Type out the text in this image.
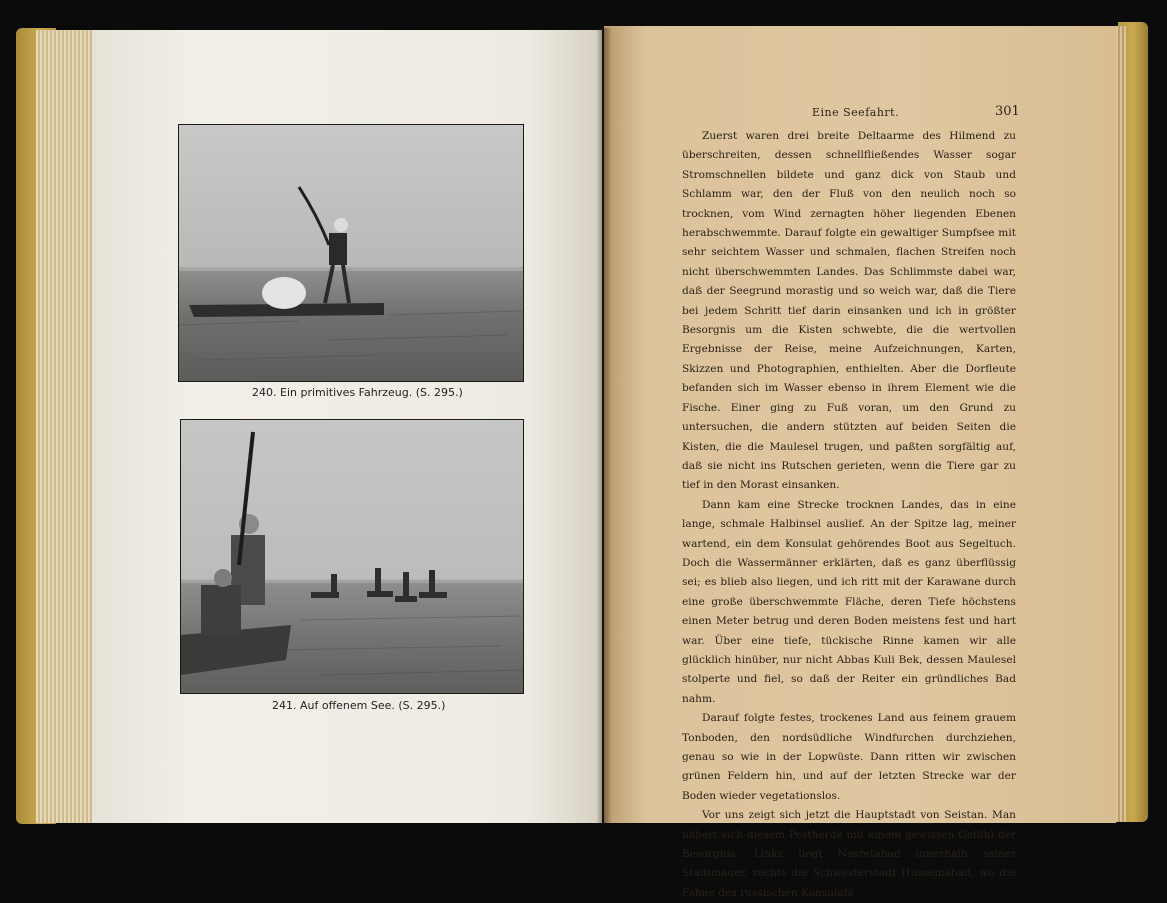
240. Ein primitives Fahrzeug. (S. 295.)
241. Auf offenem See. (S. 295.)
Eine Seefahrt.	301

Zuerst waren drei breite Deltaarme des Hilmend zu überschreiten, dessen schnellfließendes Wasser sogar Stromschnellen bildete und ganz dick von Staub und Schlamm war, den der Fluß von den neulich noch so trocknen, vom Wind zernagten höher liegenden Ebenen herabschwemmte. Darauf folgte ein gewaltiger Sumpfsee mit sehr seichtem Wasser und schmalen, flachen Streifen noch nicht überschwemmten Landes. Das Schlimmste dabei war, daß der Seegrund morastig und so weich war, daß die Tiere bei jedem Schritt tief darin einsanken und ich in größter Besorgnis um die Kisten schwebte, die die wertvollen Ergebnisse der Reise, meine Aufzeichnungen, Karten, Skizzen und Photographien, enthielten. Aber die Dorfleute befanden sich im Wasser ebenso in ihrem Element wie die Fische. Einer ging zu Fuß voran, um den Grund zu untersuchen, die andern stützten auf beiden Seiten die Kisten, die die Maulesel trugen, und paßten sorgfältig auf, daß sie nicht ins Rutschen gerieten, wenn die Tiere gar zu tief in den Morast einsanken.

Dann kam eine Strecke trocknen Landes, das in eine lange, schmale Halbinsel auslief. An der Spitze lag, meiner wartend, ein dem Konsulat gehörendes Boot aus Segeltuch. Doch die Wassermänner erklärten, daß es ganz überflüssig sei; es blieb also liegen, und ich ritt mit der Karawane durch eine große überschwemmte Fläche, deren Tiefe höchstens einen Meter betrug und deren Boden meistens fest und hart war. Über eine tiefe, tückische Rinne kamen wir alle glücklich hinüber, nur nicht Abbas Kuli Bek, dessen Maulesel stolperte und fiel, so daß der Reiter ein gründliches Bad nahm.

Darauf folgte festes, trockenes Land aus feinem grauem Tonboden, den nordsüdliche Windfurchen durchziehen, genau so wie in der Lopwüste. Dann ritten wir zwischen grünen Feldern hin, und auf der letzten Strecke war der Boden wieder vegetationslos.

Vor uns zeigt sich jetzt die Hauptstadt von Seistan. Man nähert sich diesem Pestherde mit einem gewissen Gefühl der Besorgnis. Links liegt Nasretabad innerhalb seiner Stadtmauer, rechts die Schwesterstadt Husseinabad, wo die Fahne des russischen Konsulats
